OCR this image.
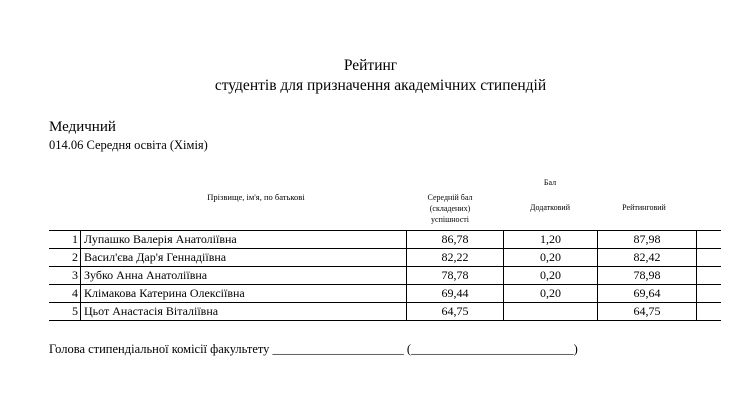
Рейтинг
студентів для призначення академічних стипендій
Медичний
014.06 Середня освіта (Хімія)
Прізвище, ім'я, по батькові
Бал
Середній бал
(складених)
успішності
Додатковий	Рейтинговий
1	Лупашко Валерія Анатоліївна	86,78	1,20	87,98	
2	Васил'єва Дар'я Геннадіївна	82,22	0,20	82,42	
3	Зубко Анна Анатоліївна	78,78	0,20	78,98	
4	Клімакова Катерина Олексіївна	69,44	0,20	69,64	
5	Цьот Анастасія Віталіївна	64,75		64,75	
Голова стипендіальної комісії факультету _____________________ (__________________________)
